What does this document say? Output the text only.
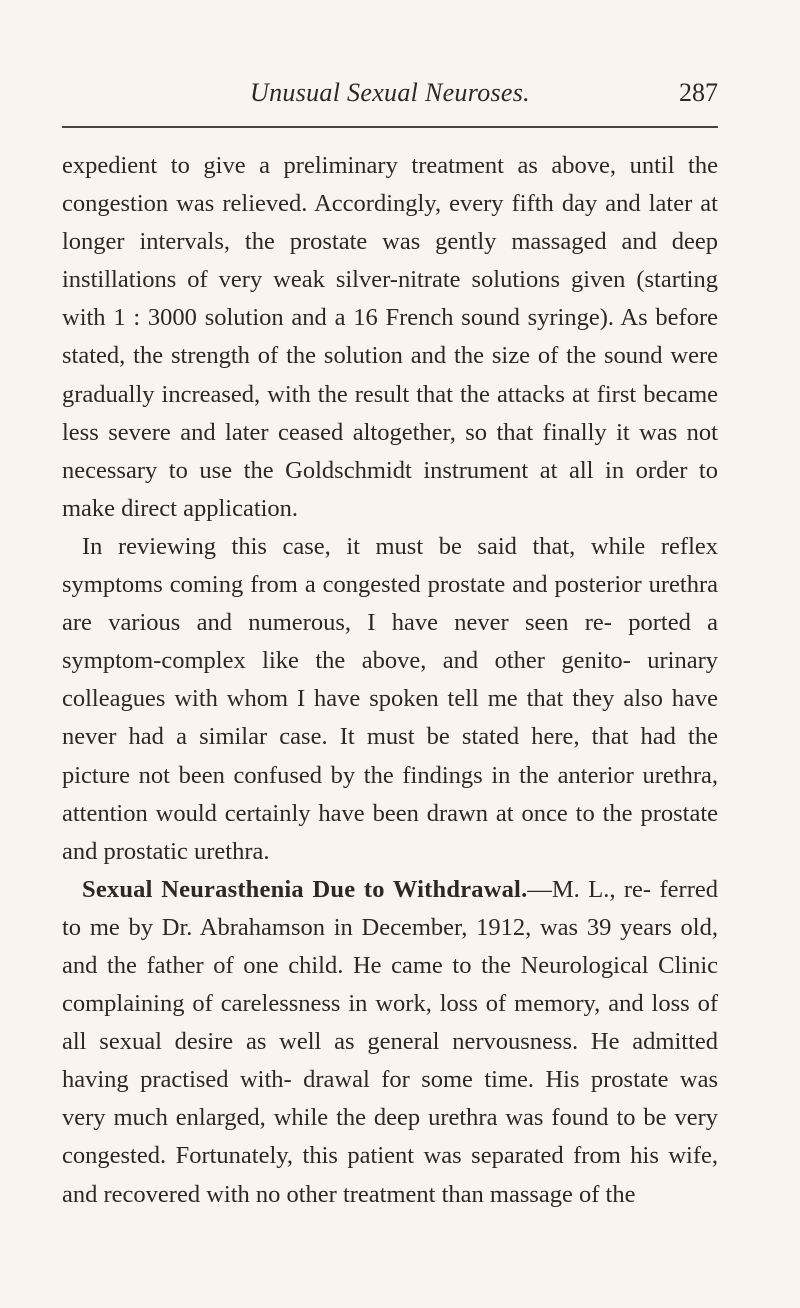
Unusual Sexual Neuroses.	287

expedient to give a preliminary treatment as above, until the congestion was relieved. Accordingly, every fifth day and later at longer intervals, the prostate was gently massaged and deep instillations of very weak silver-nitrate solutions given (starting with 1 : 3000 solution and a 16 French sound syringe). As before stated, the strength of the solution and the size of the sound were gradually increased, with the result that the attacks at first became less severe and later ceased altogether, so that finally it was not necessary to use the Goldschmidt instrument at all in order to make direct application.

In reviewing this case, it must be said that, while reflex symptoms coming from a congested prostate and posterior urethra are various and numerous, I have never seen re- ported a symptom-complex like the above, and other genito- urinary colleagues with whom I have spoken tell me that they also have never had a similar case. It must be stated here, that had the picture not been confused by the findings in the anterior urethra, attention would certainly have been drawn at once to the prostate and prostatic urethra.

Sexual Neurasthenia Due to Withdrawal.—M. L., re- ferred to me by Dr. Abrahamson in December, 1912, was 39 years old, and the father of one child. He came to the Neurological Clinic complaining of carelessness in work, loss of memory, and loss of all sexual desire as well as general nervousness. He admitted having practised with- drawal for some time. His prostate was very much enlarged, while the deep urethra was found to be very congested. Fortunately, this patient was separated from his wife, and recovered with no other treatment than massage of the
